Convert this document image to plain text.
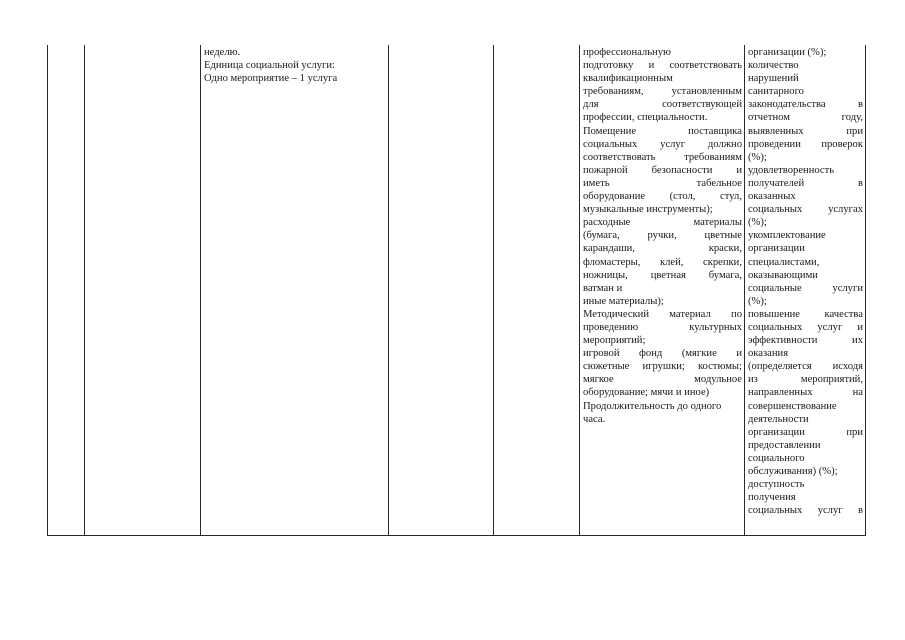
неделю.
Единица социальной услуги:
Одно мероприятие – 1 услуга

профессиональную
подготовку и соответствовать
квалификационным
требованиям,	установленным
для	соответствующей
профессии, специальности.
Помещение	поставщика
социальных услуг должно
соответствовать	требованиям
пожарной безопасности и
иметь	табельное
оборудование (стол, стул,
музыкальные инструменты);
расходные	материалы
(бумага,	ручки,	цветные
карандаши,	краски,
фломастеры, клей, скрепки,
ножницы, цветная бумага,
ватман и
иные материалы);
Методический материал по
проведению	культурных
мероприятий;
игровой фонд (мягкие и
сюжетные игрушки; костюмы;
мягкое	модульное
оборудование; мячи и иное)
Продолжительность до одного
часа.

организации (%);
количество
нарушений
санитарного
законодательства	в
отчетном	году,
выявленных	при
проведении проверок
(%);
удовлетворенность
получателей	в
оказанных
социальных услугах
(%);
укомплектование
организации
специалистами,
оказывающими
социальные	услуги
(%);
повышение качества
социальных услуг и
эффективности	их
оказания
(определяется исходя
из	мероприятий,
направленных	на
совершенствование
деятельности
организации	при
предоставлении
социального
обслуживания) (%);
доступность
получения
социальных услуг в
